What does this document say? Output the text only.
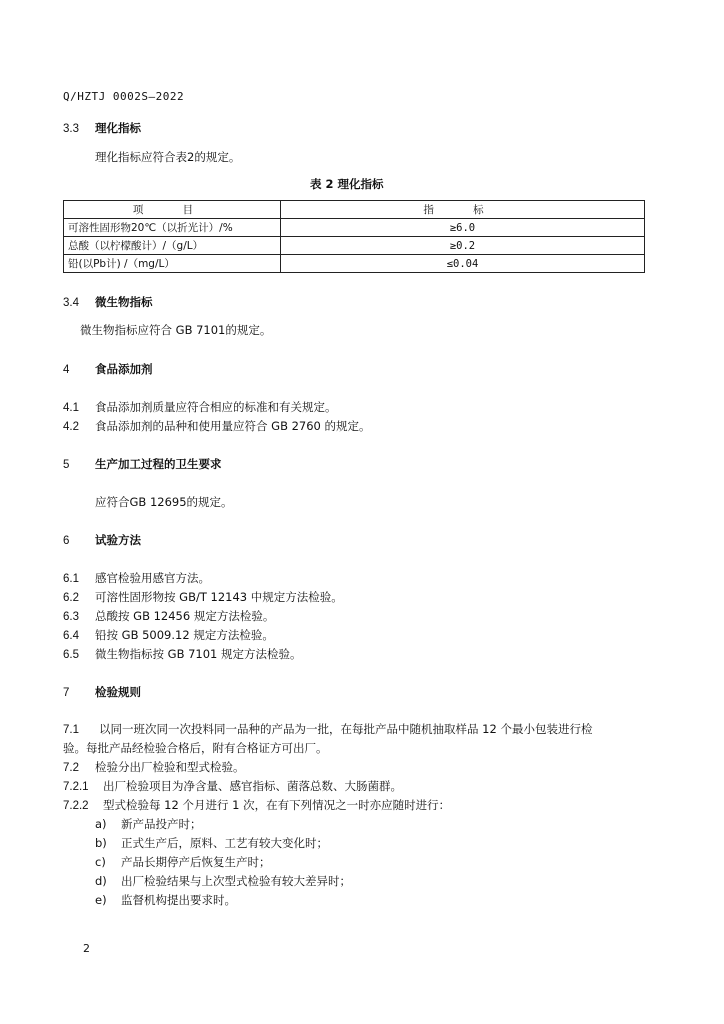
Q/HZTJ 0002S—2022
3.3 理化指标
理化指标应符合表2的规定。
表 2 理化指标
项 目	指 标
可溶性固形物20℃（以折光计）/%	≥6.0
总酸（以柠檬酸计）/（g/L）	≥0.2
铅(以Pb计) /（mg/L）	≤0.04
3.4 微生物指标
微生物指标应符合 GB 7101的规定。
4 食品添加剂
4.1 食品添加剂质量应符合相应的标准和有关规定。
4.2 食品添加剂的品种和使用量应符合 GB 2760 的规定。
5 生产加工过程的卫生要求
应符合GB 12695的规定。
6 试验方法
6.1 感官检验用感官方法。
6.2 可溶性固形物按 GB/T 12143 中规定方法检验。
6.3 总酸按 GB 12456 规定方法检验。
6.4 铅按 GB 5009.12 规定方法检验。
6.5 微生物指标按 GB 7101 规定方法检验。
7 检验规则
7.1 以同一班次同一次投料同一品种的产品为一批，在每批产品中随机抽取样品 12 个最小包装进行检
验。每批产品经检验合格后，附有合格证方可出厂。
7.2 检验分出厂检验和型式检验。
7.2.1 出厂检验项目为净含量、感官指标、菌落总数、大肠菌群。
7.2.2 型式检验每 12 个月进行 1 次，在有下列情况之一时亦应随时进行：
a) 新产品投产时；
b) 正式生产后，原料、工艺有较大变化时；
c) 产品长期停产后恢复生产时；
d) 出厂检验结果与上次型式检验有较大差异时；
e) 监督机构提出要求时。
2
